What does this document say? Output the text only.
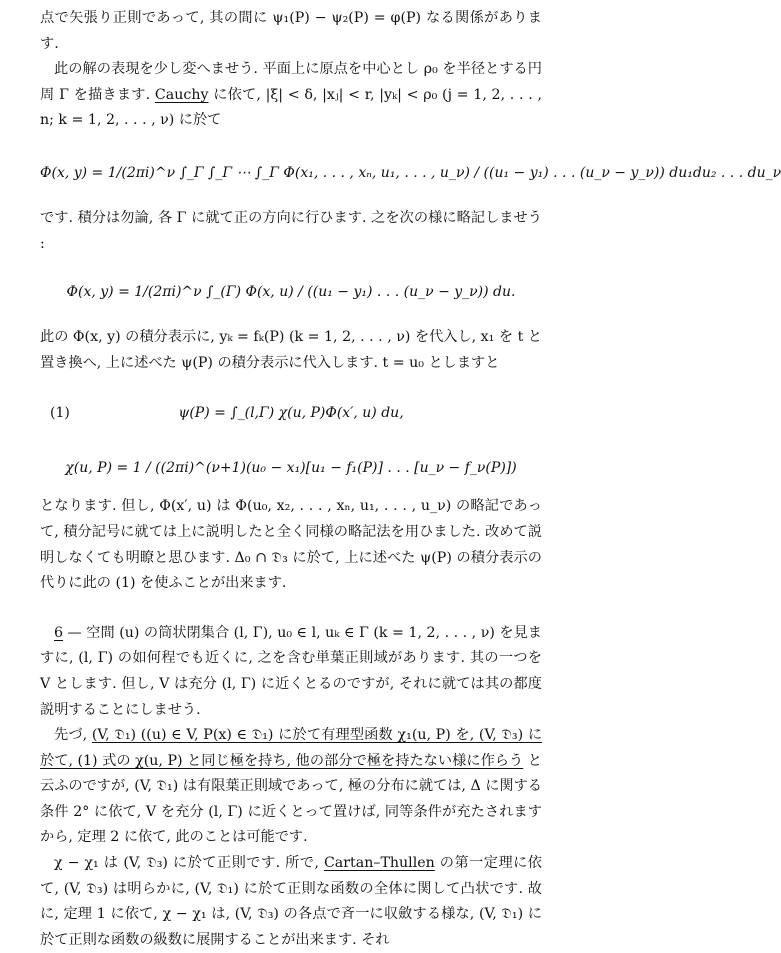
点で矢張り正則であって, 其の間に ψ₁(P) − ψ₂(P) = φ(P) なる関係があります.

此の解の表現を少し変へませう. 平面上に原点を中心とし ρ₀ を半径とする円周 Γ を描きます. Cauchy に依て, |ξ| < δ, |xⱼ| < r, |yₖ| < ρ₀ (j = 1, 2, . . . , n; k = 1, 2, . . . , ν) に於て

Φ(x, y) = 1/(2πi)^ν ∫_Γ ∫_Γ ⋯ ∫_Γ Φ(x₁, . . . , xₙ, u₁, . . . , u_ν) / ((u₁ − y₁) . . . (u_ν − y_ν)) du₁du₂ . . . du_ν

です. 積分は勿論, 各 Γ に就て正の方向に行ひます. 之を次の様に略記しませう :

Φ(x, y) = 1/(2πi)^ν ∫_(Γ) Φ(x, u) / ((u₁ − y₁) . . . (u_ν − y_ν)) du.

此の Φ(x, y) の積分表示に, yₖ = fₖ(P) (k = 1, 2, . . . , ν) を代入し, x₁ を t と置き換へ, 上に述べた ψ(P) の積分表示に代入します. t = u₀ としますと

(1)	ψ(P) = ∫_(l,Γ) χ(u, P)Φ(x′, u) du,
χ(u, P) = 1 / ((2πi)^(ν+1)(u₀ − x₁)[u₁ − f₁(P)] . . . [u_ν − f_ν(P)])

となります. 但し, Φ(x′, u) は Φ(u₀, x₂, . . . , xₙ, u₁, . . . , u_ν) の略記であって, 積分記号に就ては上に説明したと全く同様の略記法を用ひました. 改めて説明しなくても明瞭と思ひます. Δ₀ ∩ 𝔇₃ に於て, 上に述べた ψ(P) の積分表示の代りに此の (1) を使ふことが出来ます.

6 — 空間 (u) の筒状閉集合 (l, Γ), u₀ ∈ l, uₖ ∈ Γ (k = 1, 2, . . . , ν) を見ますに, (l, Γ) の如何程でも近くに, 之を含む単葉正則域があります. 其の一つを V とします. 但し, V は充分 (l, Γ) に近くとるのですが, それに就ては其の都度説明することにしませう.

先づ, (V, 𝔇₁) ((u) ∈ V, P(x) ∈ 𝔇₁) に於て有理型函数 χ₁(u, P) を, (V, 𝔇₃) に於て, (1) 式の χ(u, P) と同じ極を持ち, 他の部分で極を持たない様に作らう と云ふのですが, (V, 𝔇₁) は有限葉正則域であって, 極の分布に就ては, Δ に関する条件 2° に依て, V を充分 (l, Γ) に近くとって置けば, 同等条件が充たされますから, 定理 2 に依て, 此のことは可能です.

χ − χ₁ は (V, 𝔇₃) に於て正則です. 所で, Cartan–Thullen の第一定理に依て, (V, 𝔇₃) は明らかに, (V, 𝔇₁) に於て正則な函数の全体に関して凸状です. 故に, 定理 1 に依て, χ − χ₁ は, (V, 𝔇₃) の各点で斉一に収斂する様な, (V, 𝔇₁) に於て正則な函数の級数に展開することが出来ます. それ
